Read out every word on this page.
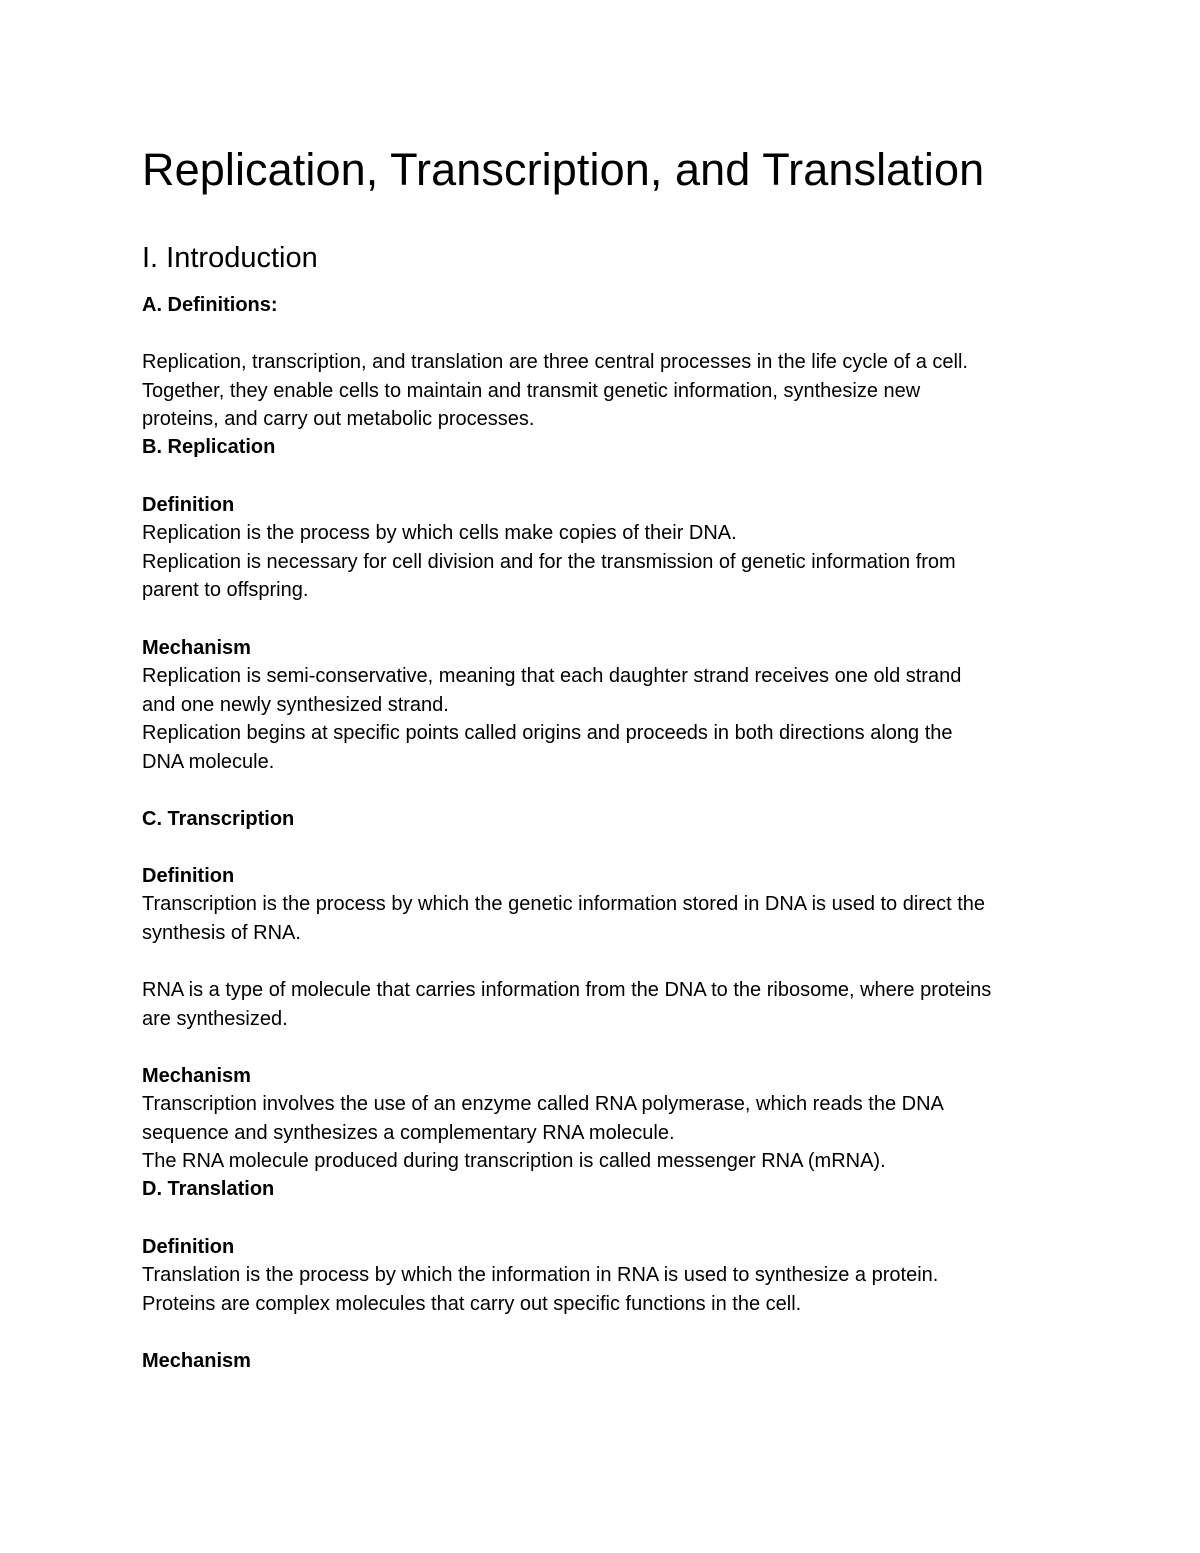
Replication, Transcription, and Translation
I. Introduction
A. Definitions:

Replication, transcription, and translation are three central processes in the life cycle of a cell.
Together, they enable cells to maintain and transmit genetic information, synthesize new
proteins, and carry out metabolic processes.

B. Replication
Definition

Replication is the process by which cells make copies of their DNA.
Replication is necessary for cell division and for the transmission of genetic information from
parent to offspring.

Mechanism

Replication is semi-conservative, meaning that each daughter strand receives one old strand
and one newly synthesized strand.
Replication begins at specific points called origins and proceeds in both directions along the
DNA molecule.

C. Transcription
Definition

Transcription is the process by which the genetic information stored in DNA is used to direct the
synthesis of RNA.

RNA is a type of molecule that carries information from the DNA to the ribosome, where proteins
are synthesized.

Mechanism

Transcription involves the use of an enzyme called RNA polymerase, which reads the DNA
sequence and synthesizes a complementary RNA molecule.
The RNA molecule produced during transcription is called messenger RNA (mRNA).

D. Translation
Definition

Translation is the process by which the information in RNA is used to synthesize a protein.
Proteins are complex molecules that carry out specific functions in the cell.

Mechanism
